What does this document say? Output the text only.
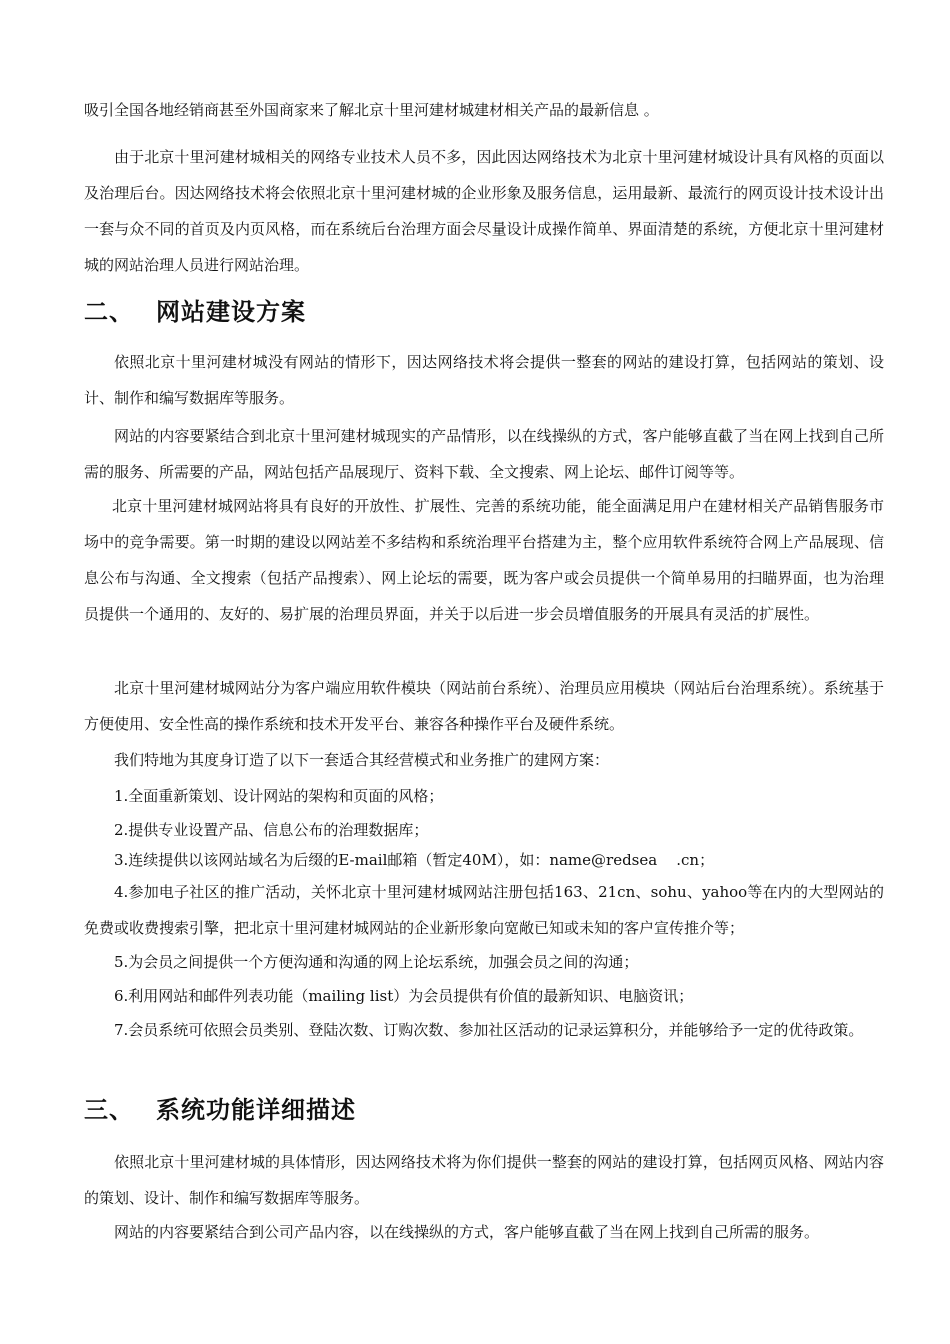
吸引全国各地经销商甚至外国商家来了解北京十里河建材城建材相关产品的最新信息 。

由于北京十里河建材城相关的网络专业技术人员不多，因此因达网络技术为北京十里河建材城设计具有风格的页面以及治理后台。因达网络技术将会依照北京十里河建材城的企业形象及服务信息，运用最新、最流行的网页设计技术设计出一套与众不同的首页及内页风格，而在系统后台治理方面会尽量设计成操作简单、界面清楚的系统，方便北京十里河建材城的网站治理人员进行网站治理。

二、 网站建设方案

依照北京十里河建材城没有网站的情形下，因达网络技术将会提供一整套的网站的建设打算，包括网站的策划、设计、制作和编写数据库等服务。

网站的内容要紧结合到北京十里河建材城现实的产品情形，以在线操纵的方式，客户能够直截了当在网上找到自己所需的服务、所需要的产品，网站包括产品展现厅、资料下载、全文搜索、网上论坛、邮件订阅等等。

北京十里河建材城网站将具有良好的开放性、扩展性、完善的系统功能，能全面满足用户在建材相关产品销售服务市场中的竞争需要。第一时期的建设以网站差不多结构和系统治理平台搭建为主，整个应用软件系统符合网上产品展现、信息公布与沟通、全文搜索（包括产品搜索）、网上论坛的需要，既为客户或会员提供一个简单易用的扫瞄界面，也为治理员提供一个通用的、友好的、易扩展的治理员界面，并关于以后进一步会员增值服务的开展具有灵活的扩展性。

北京十里河建材城网站分为客户端应用软件模块（网站前台系统）、治理员应用模块（网站后台治理系统）。系统基于方便使用、安全性高的操作系统和技术开发平台、兼容各种操作平台及硬件系统。

我们特地为其度身订造了以下一套适合其经营模式和业务推广的建网方案：

1.全面重新策划、设计网站的架构和页面的风格；

2.提供专业设置产品、信息公布的治理数据库；

3.连续提供以该网站域名为后缀的E-mail邮箱（暂定40M），如：name@redsea    .cn；

4.参加电子社区的推广活动，关怀北京十里河建材城网站注册包括163、21cn、sohu、yahoo等在内的大型网站的免费或收费搜索引擎，把北京十里河建材城网站的企业新形象向宽敞已知或未知的客户宣传推介等；

5.为会员之间提供一个方便沟通和沟通的网上论坛系统，加强会员之间的沟通；

6.利用网站和邮件列表功能（mailing list）为会员提供有价值的最新知识、电脑资讯；

7.会员系统可依照会员类别、登陆次数、订购次数、参加社区活动的记录运算积分，并能够给予一定的优待政策。

三、 系统功能详细描述

依照北京十里河建材城的具体情形，因达网络技术将为你们提供一整套的网站的建设打算，包括网页风格、网站内容的策划、设计、制作和编写数据库等服务。

网站的内容要紧结合到公司产品内容，以在线操纵的方式，客户能够直截了当在网上找到自己所需的服务。
